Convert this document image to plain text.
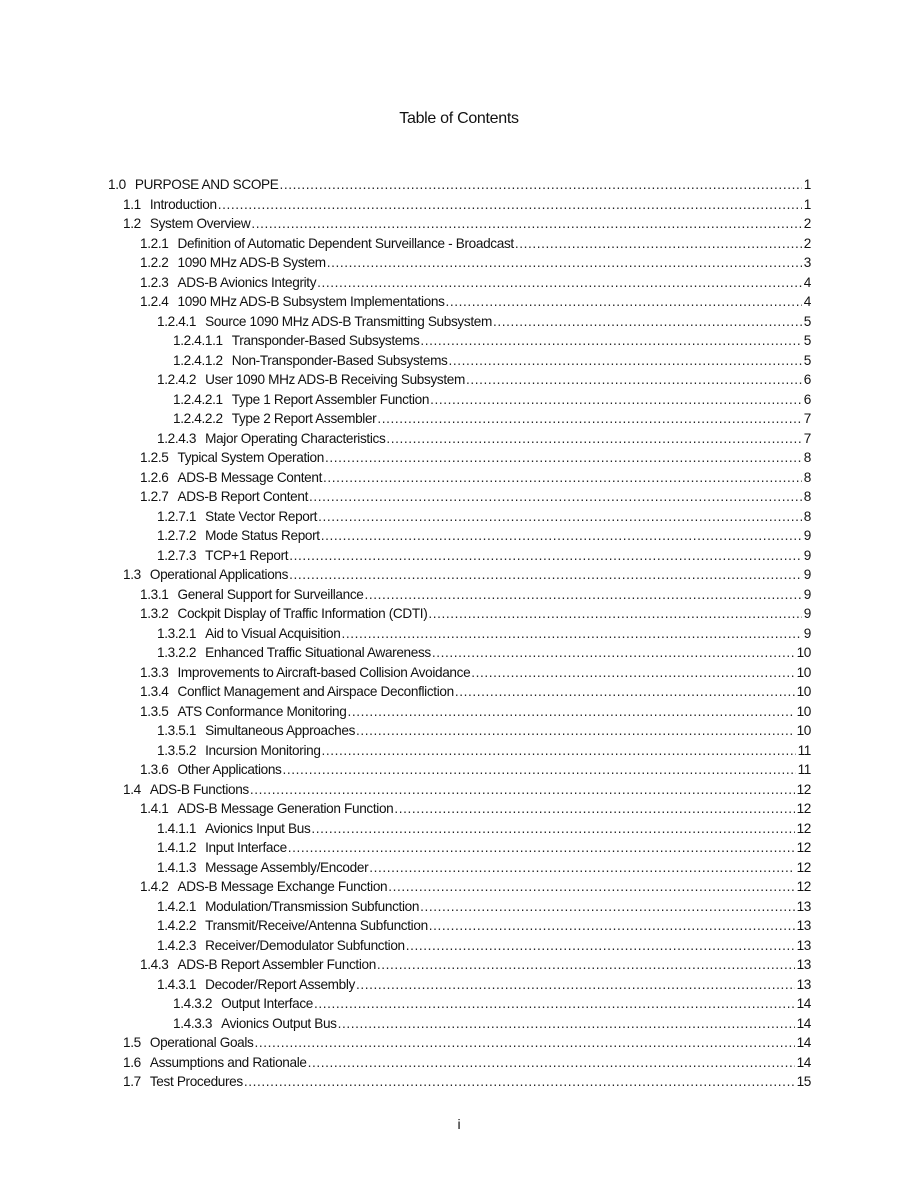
Table of Contents
1.0 PURPOSE AND SCOPE .....	1
1.1 Introduction .....	1
1.2 System Overview .....	2
1.2.1 Definition of Automatic Dependent Surveillance - Broadcast .....	2
1.2.2 1090 MHz ADS-B System .....	3
1.2.3 ADS-B Avionics Integrity .....	4
1.2.4 1090 MHz ADS-B Subsystem Implementations .....	4
1.2.4.1 Source 1090 MHz ADS-B Transmitting Subsystem .....	5
1.2.4.1.1 Transponder-Based Subsystems .....	5
1.2.4.1.2 Non-Transponder-Based Subsystems .....	5
1.2.4.2 User 1090 MHz ADS-B Receiving Subsystem .....	6
1.2.4.2.1 Type 1 Report Assembler Function .....	6
1.2.4.2.2 Type 2 Report Assembler .....	7
1.2.4.3 Major Operating Characteristics .....	7
1.2.5 Typical System Operation .....	8
1.2.6 ADS-B Message Content .....	8
1.2.7 ADS-B Report Content .....	8
1.2.7.1 State Vector Report .....	8
1.2.7.2 Mode Status Report .....	9
1.2.7.3 TCP+1 Report .....	9
1.3 Operational Applications .....	9
1.3.1 General Support for Surveillance .....	9
1.3.2 Cockpit Display of Traffic Information (CDTI) .....	9
1.3.2.1 Aid to Visual Acquisition .....	9
1.3.2.2 Enhanced Traffic Situational Awareness .....	10
1.3.3 Improvements to Aircraft-based Collision Avoidance .....	10
1.3.4 Conflict Management and Airspace Deconfliction .....	10
1.3.5 ATS Conformance Monitoring .....	10
1.3.5.1 Simultaneous Approaches .....	10
1.3.5.2 Incursion Monitoring .....	11
1.3.6 Other Applications .....	11
1.4 ADS-B Functions .....	12
1.4.1 ADS-B Message Generation Function .....	12
1.4.1.1 Avionics Input Bus .....	12
1.4.1.2 Input Interface .....	12
1.4.1.3 Message Assembly/Encoder .....	12
1.4.2 ADS-B Message Exchange Function .....	12
1.4.2.1 Modulation/Transmission Subfunction .....	13
1.4.2.2 Transmit/Receive/Antenna Subfunction .....	13
1.4.2.3 Receiver/Demodulator Subfunction .....	13
1.4.3 ADS-B Report Assembler Function .....	13
1.4.3.1 Decoder/Report Assembly .....	13
1.4.3.2 Output Interface .....	14
1.4.3.3 Avionics Output Bus .....	14
1.5 Operational Goals .....	14
1.6 Assumptions and Rationale .....	14
1.7 Test Procedures .....	15
i
